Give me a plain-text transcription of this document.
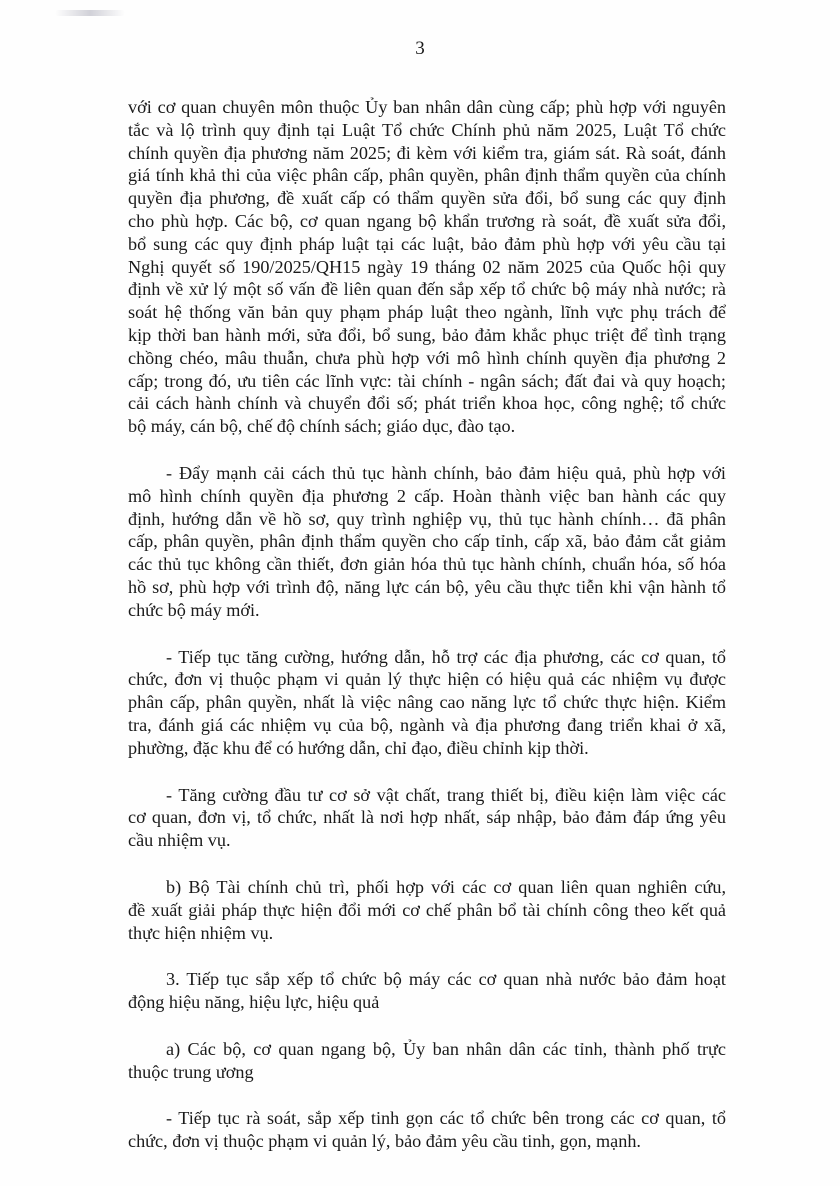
3
với cơ quan chuyên môn thuộc Ủy ban nhân dân cùng cấp; phù hợp với nguyên
tắc và lộ trình quy định tại Luật Tổ chức Chính phủ năm 2025, Luật Tổ chức
chính quyền địa phương năm 2025; đi kèm với kiểm tra, giám sát. Rà soát, đánh
giá tính khả thi của việc phân cấp, phân quyền, phân định thẩm quyền của chính
quyền địa phương, đề xuất cấp có thẩm quyền sửa đổi, bổ sung các quy định
cho phù hợp. Các bộ, cơ quan ngang bộ khẩn trương rà soát, đề xuất sửa đổi,
bổ sung các quy định pháp luật tại các luật, bảo đảm phù hợp với yêu cầu tại
Nghị quyết số 190/2025/QH15 ngày 19 tháng 02 năm 2025 của Quốc hội quy
định về xử lý một số vấn đề liên quan đến sắp xếp tổ chức bộ máy nhà nước; rà
soát hệ thống văn bản quy phạm pháp luật theo ngành, lĩnh vực phụ trách để
kịp thời ban hành mới, sửa đổi, bổ sung, bảo đảm khắc phục triệt để tình trạng
chồng chéo, mâu thuẫn, chưa phù hợp với mô hình chính quyền địa phương 2
cấp; trong đó, ưu tiên các lĩnh vực: tài chính - ngân sách; đất đai và quy hoạch;
cải cách hành chính và chuyển đổi số; phát triển khoa học, công nghệ; tổ chức
bộ máy, cán bộ, chế độ chính sách; giáo dục, đào tạo.
- Đẩy mạnh cải cách thủ tục hành chính, bảo đảm hiệu quả, phù hợp với
mô hình chính quyền địa phương 2 cấp. Hoàn thành việc ban hành các quy
định, hướng dẫn về hồ sơ, quy trình nghiệp vụ, thủ tục hành chính… đã phân
cấp, phân quyền, phân định thẩm quyền cho cấp tỉnh, cấp xã, bảo đảm cắt giảm
các thủ tục không cần thiết, đơn giản hóa thủ tục hành chính, chuẩn hóa, số hóa
hồ sơ, phù hợp với trình độ, năng lực cán bộ, yêu cầu thực tiễn khi vận hành tổ
chức bộ máy mới.
- Tiếp tục tăng cường, hướng dẫn, hỗ trợ các địa phương, các cơ quan, tổ
chức, đơn vị thuộc phạm vi quản lý thực hiện có hiệu quả các nhiệm vụ được
phân cấp, phân quyền, nhất là việc nâng cao năng lực tổ chức thực hiện. Kiểm
tra, đánh giá các nhiệm vụ của bộ, ngành và địa phương đang triển khai ở xã,
phường, đặc khu để có hướng dẫn, chỉ đạo, điều chỉnh kịp thời.
- Tăng cường đầu tư cơ sở vật chất, trang thiết bị, điều kiện làm việc các
cơ quan, đơn vị, tổ chức, nhất là nơi hợp nhất, sáp nhập, bảo đảm đáp ứng yêu
cầu nhiệm vụ.
b) Bộ Tài chính chủ trì, phối hợp với các cơ quan liên quan nghiên cứu,
đề xuất giải pháp thực hiện đổi mới cơ chế phân bổ tài chính công theo kết quả
thực hiện nhiệm vụ.
3. Tiếp tục sắp xếp tổ chức bộ máy các cơ quan nhà nước bảo đảm hoạt
động hiệu năng, hiệu lực, hiệu quả
a) Các bộ, cơ quan ngang bộ, Ủy ban nhân dân các tỉnh, thành phố trực
thuộc trung ương
- Tiếp tục rà soát, sắp xếp tinh gọn các tổ chức bên trong các cơ quan, tổ
chức, đơn vị thuộc phạm vi quản lý, bảo đảm yêu cầu tinh, gọn, mạnh.
